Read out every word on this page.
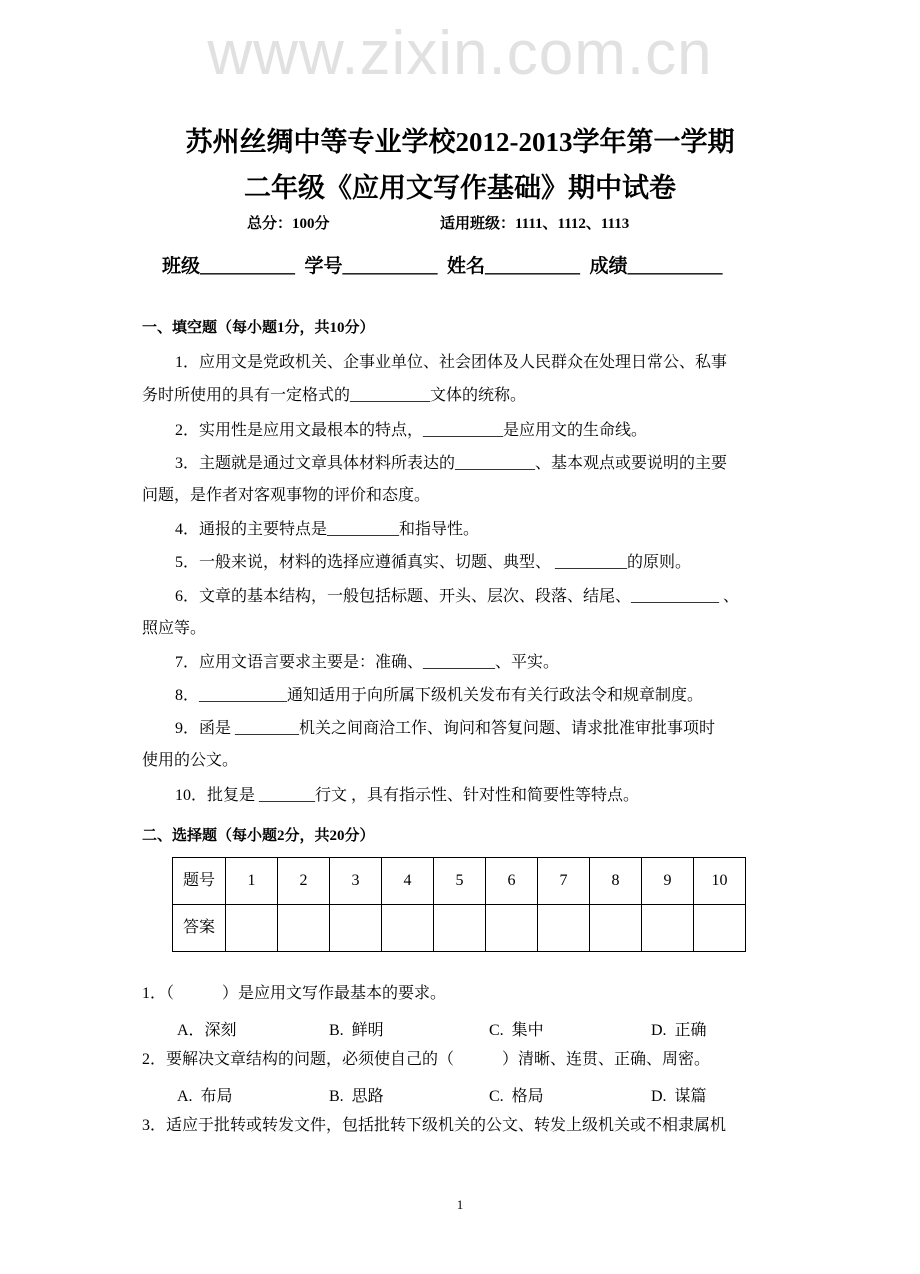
www.zixin.com.cn
苏州丝绸中等专业学校2012-2013学年第一学期
二年级《应用文写作基础》期中试卷
总分：100分	适用班级：1111、1112、1113
班级__________  学号__________  姓名__________  成绩__________
一、填空题（每小题1分，共10分）
1．应用文是党政机关、企事业单位、社会团体及人民群众在处理日常公、私事
务时所使用的具有一定格式的__________文体的统称。
2．实用性是应用文最根本的特点，__________是应用文的生命线。
3．主题就是通过文章具体材料所表达的__________、基本观点或要说明的主要
问题，是作者对客观事物的评价和态度。
4．通报的主要特点是_________和指导性。
5．一般来说，材料的选择应遵循真实、切题、典型、 _________的原则。
6．文章的基本结构，一般包括标题、开头、层次、段落、结尾、___________ 、
照应等。
7．应用文语言要求主要是：准确、_________、平实。
8．___________通知适用于向所属下级机关发布有关行政法令和规章制度。
9．函是 ________机关之间商洽工作、询问和答复问题、请求批准审批事项时
使用的公文。
10．批复是 _______行文 ，具有指示性、针对性和简要性等特点。
二、选择题（每小题2分，共20分）
题号	1	2	3	4	5	6	7	8	9	10
答案										
1．（　　　）是应用文写作最基本的要求。
A．深刻	B.  鲜明	C.  集中	D.  正确
2．要解决文章结构的问题，必须使自己的（　　　）清晰、连贯、正确、周密。
A.  布局	B.  思路	C.  格局	D.  谋篇
3．适应于批转或转发文件，包括批转下级机关的公文、转发上级机关或不相隶属机
1
